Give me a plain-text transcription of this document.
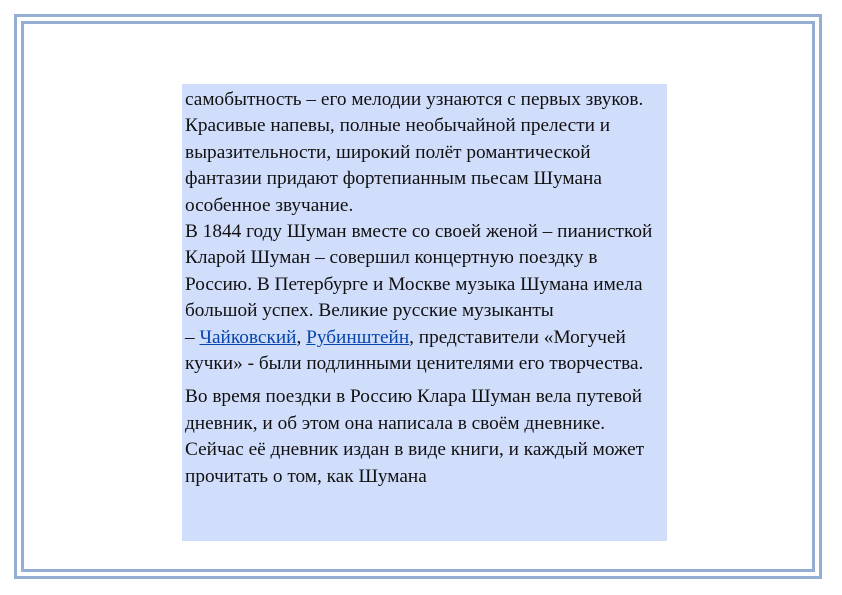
самобытность – его мелодии узнаются с первых звуков. Красивые напевы, полные необычайной прелести и выразительности, широкий полёт романтической фантазии придают фортепианным пьесам Шумана особенное звучание.

В 1844 году Шуман вместе со своей женой – пианисткой Кларой Шуман – совершил концертную поездку в Россию. В Петербурге и Москве музыка Шумана имела большой успех. Великие русские музыканты

– Чайковский, Рубинштейн, представители «Могучей кучки» - были подлинными ценителями его творчества.

Во время поездки в Россию Клара Шуман вела путевой дневник, и об этом она написала в своём дневнике. Сейчас её дневник издан в виде книги, и каждый может прочитать о том, как Шумана
